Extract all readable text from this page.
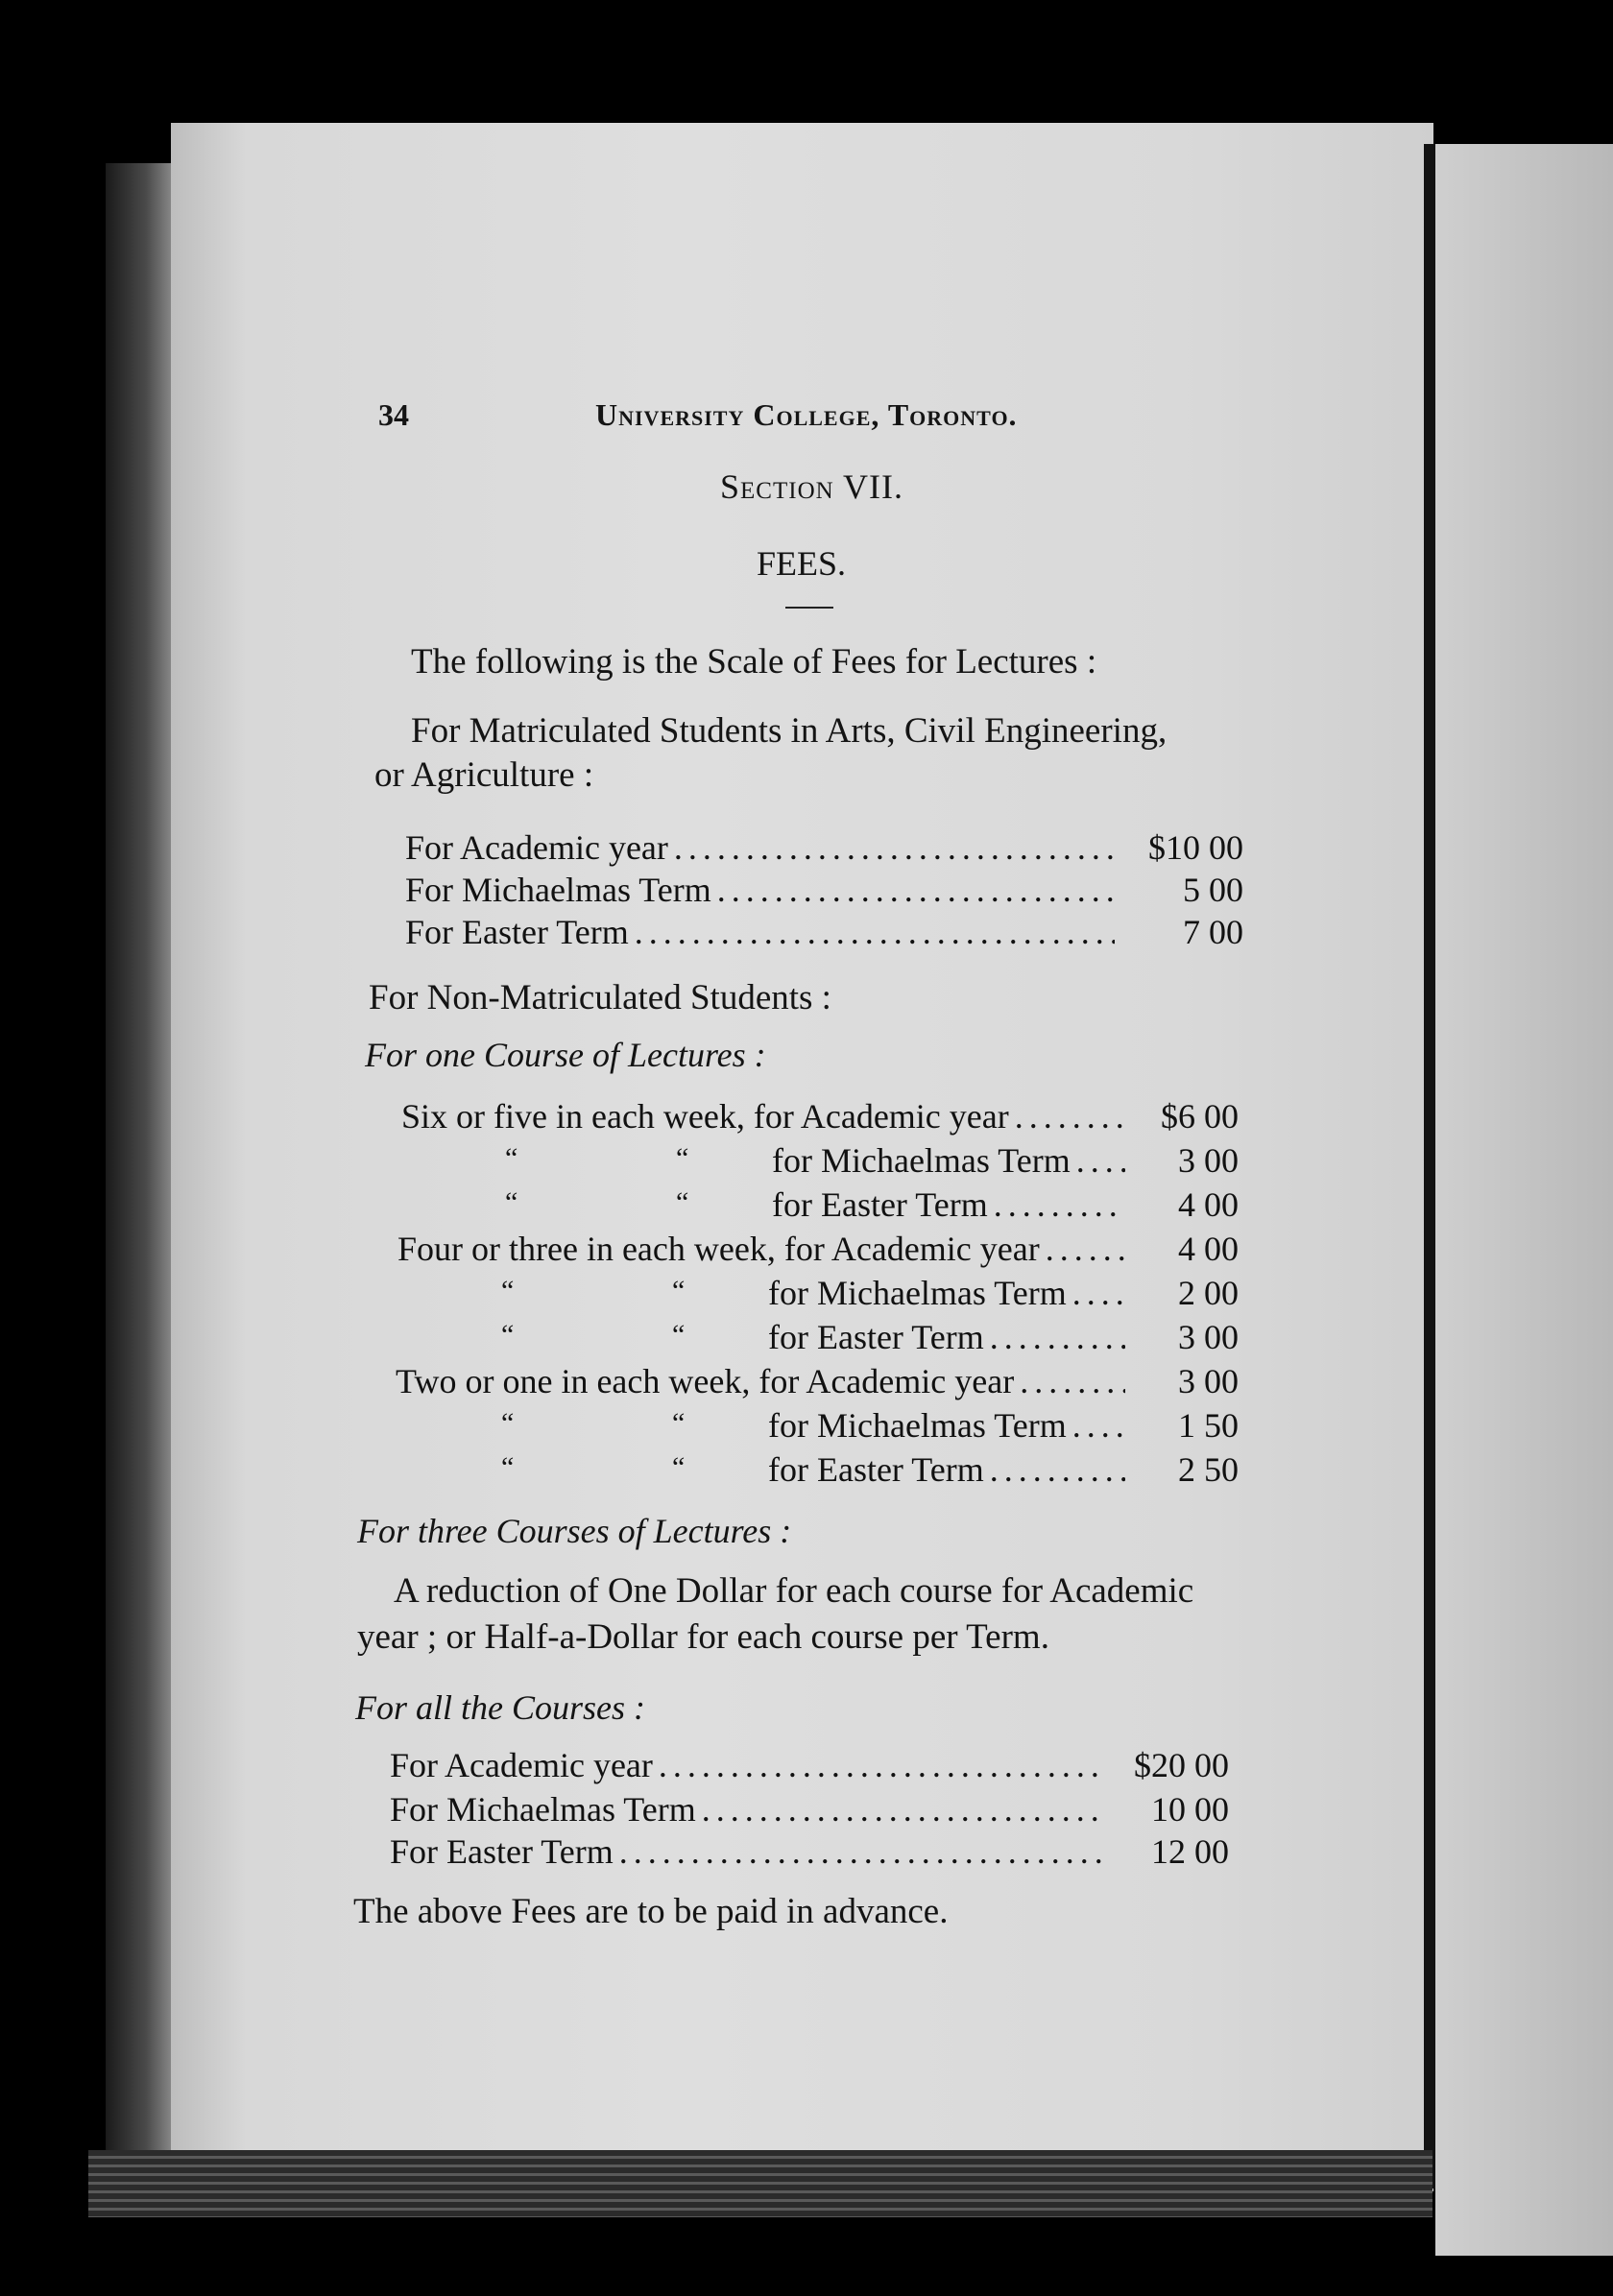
34	University College, Toronto.
Section VII.
FEES.
The following is the Scale of Fees for Lectures :
For Matriculated Students in Arts, Civil Engineering,
or Agriculture :
For Academic year .....	$10 00
For Michaelmas Term .....	5 00
For Easter Term .....	7 00
For Non-Matriculated Students :
For one Course of Lectures :
Six or five in each week, for Academic year .....	$6 00
“	“ for Michaelmas Term .....	3 00
“	“ for Easter Term .....	4 00
Four or three in each week, for Academic year .....	4 00
“	“ for Michaelmas Term .....	2 00
“	“ for Easter Term .....	3 00
Two or one in each week, for Academic year .....	3 00
“	“ for Michaelmas Term .....	1 50
“	“ for Easter Term .....	2 50
For three Courses of Lectures :
A reduction of One Dollar for each course for Academic
year ; or Half-a-Dollar for each course per Term.
For all the Courses :
For Academic year .....	$20 00
For Michaelmas Term .....	10 00
For Easter Term .....	12 00
The above Fees are to be paid in advance.
